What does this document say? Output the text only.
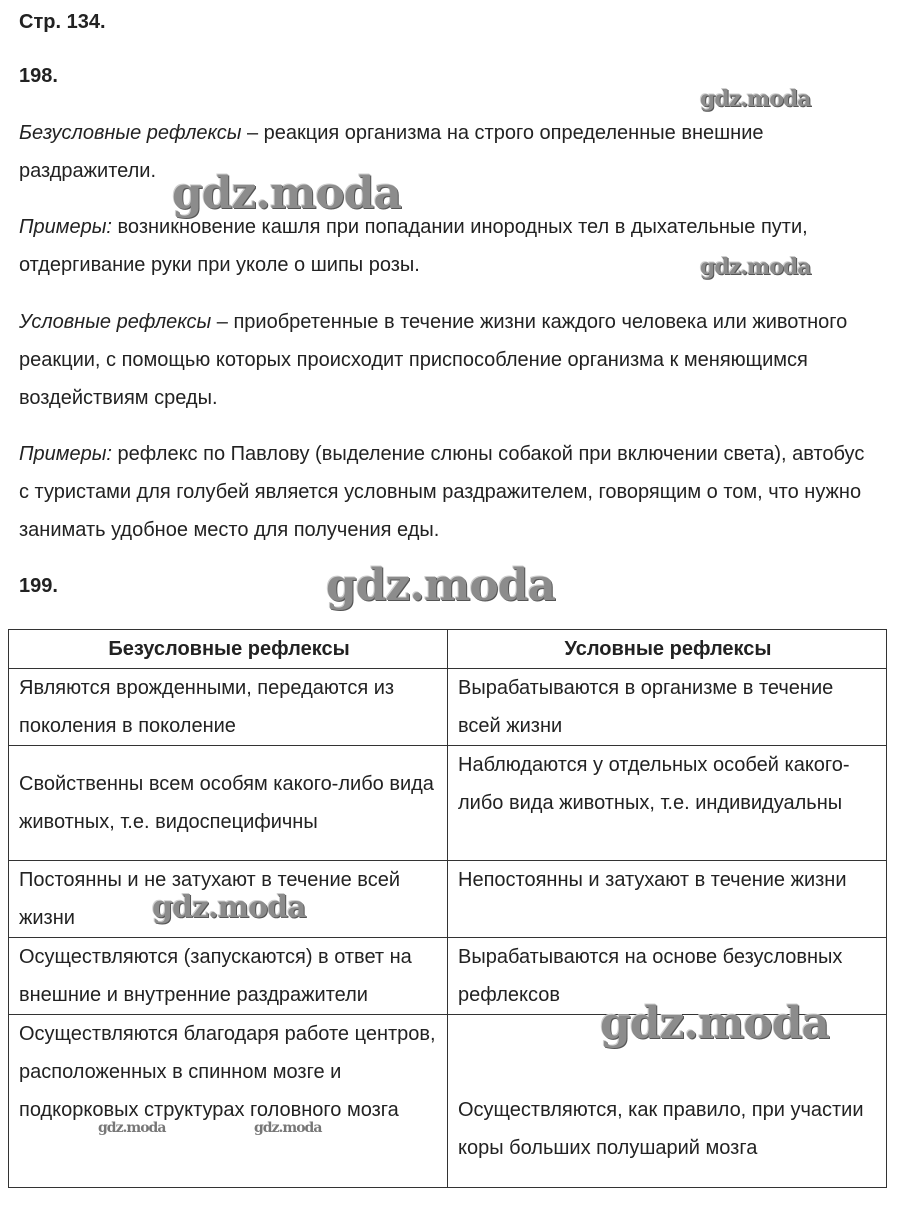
Стр. 134.
198.

Безусловные рефлексы – реакция организма на строго определенные внешние раздражители.

Примеры: возникновение кашля при попадании инородных тел в дыхательные пути, отдергивание руки при уколе о шипы розы.

Условные рефлексы – приобретенные в течение жизни каждого человека или животного реакции, с помощью которых происходит приспособление организма к меняющимся воздействиям среды.

Примеры: рефлекс по Павлову (выделение слюны собакой при включении света), автобус с туристами для голубей является условным раздражителем, говорящим о том, что нужно занимать удобное место для получения еды.

199.
Безусловные рефлексы	Условные рефлексы
Являются врожденными, передаются из поколения в поколение	Вырабатываются в организме в течение всей жизни
Свойственны всем особям какого-либо вида животных, т.е. видоспецифичны	Наблюдаются у отдельных особей какого-либо вида животных, т.е. индивидуальны
Постоянны и не затухают в течение всей жизни	Непостоянны и затухают в течение жизни
Осуществляются (запускаются) в ответ на внешние и внутренние раздражители	Вырабатываются на основе безусловных рефлексов
Осуществляются благодаря работе центров, расположенных в спинном мозге и подкорковых структурах головного мозга	Осуществляются, как правило, при участии коры больших полушарий мозга
gdz.moda
gdz.moda
gdz.moda
gdz.moda
gdz.moda
gdz.moda
gdz.moda	gdz.moda
